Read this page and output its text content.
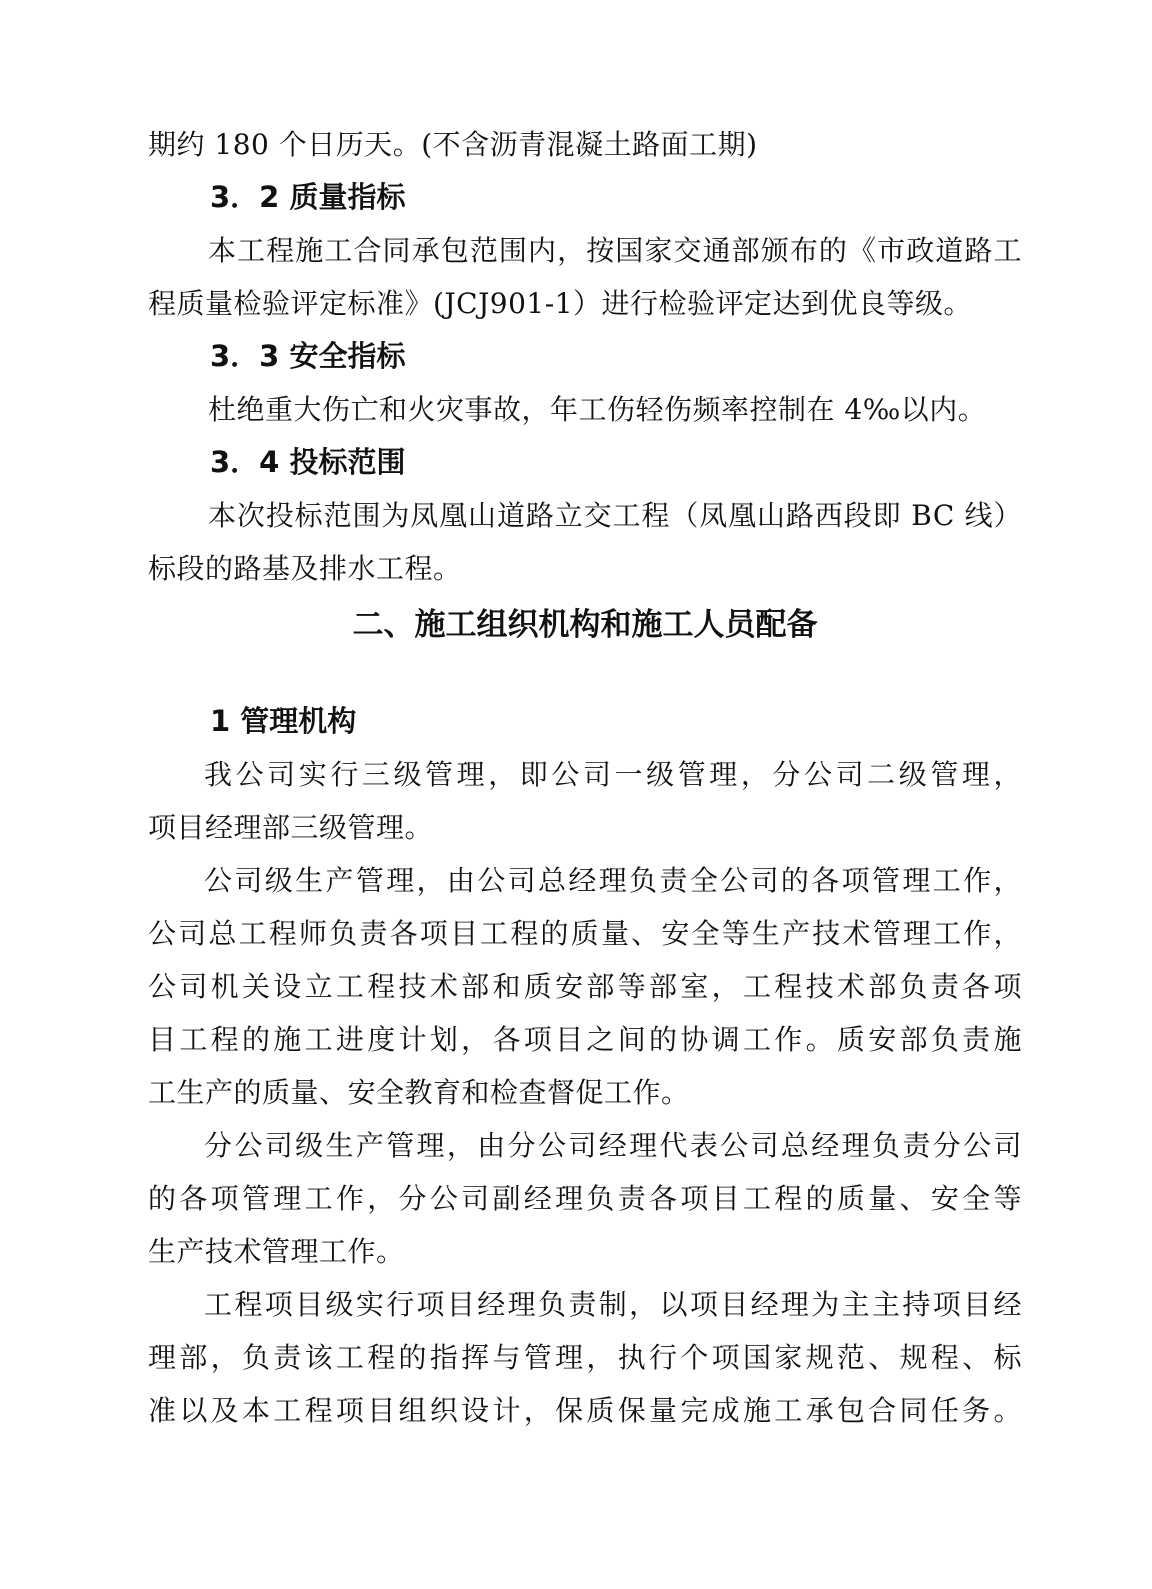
期约 180 个日历天。(不含沥青混凝土路面工期)
3．2 质量指标
本工程施工合同承包范围内，按国家交通部颁布的《市政道路工
程质量检验评定标准》(JCJ901-1）进行检验评定达到优良等级。
3．3 安全指标
杜绝重大伤亡和火灾事故，年工伤轻伤频率控制在 4‰以内。
3．4 投标范围
本次投标范围为凤凰山道路立交工程（凤凰山路西段即 BC 线）
标段的路基及排水工程。
二、施工组织机构和施工人员配备
1 管理机构
我公司实行三级管理，即公司一级管理，分公司二级管理，
项目经理部三级管理。
公司级生产管理，由公司总经理负责全公司的各项管理工作，
公司总工程师负责各项目工程的质量、安全等生产技术管理工作，
公司机关设立工程技术部和质安部等部室，工程技术部负责各项
目工程的施工进度计划，各项目之间的协调工作。质安部负责施
工生产的质量、安全教育和检查督促工作。
分公司级生产管理，由分公司经理代表公司总经理负责分公司
的各项管理工作，分公司副经理负责各项目工程的质量、安全等
生产技术管理工作。
工程项目级实行项目经理负责制，以项目经理为主主持项目经
理部，负责该工程的指挥与管理，执行个项国家规范、规程、标
准以及本工程项目组织设计，保质保量完成施工承包合同任务。
